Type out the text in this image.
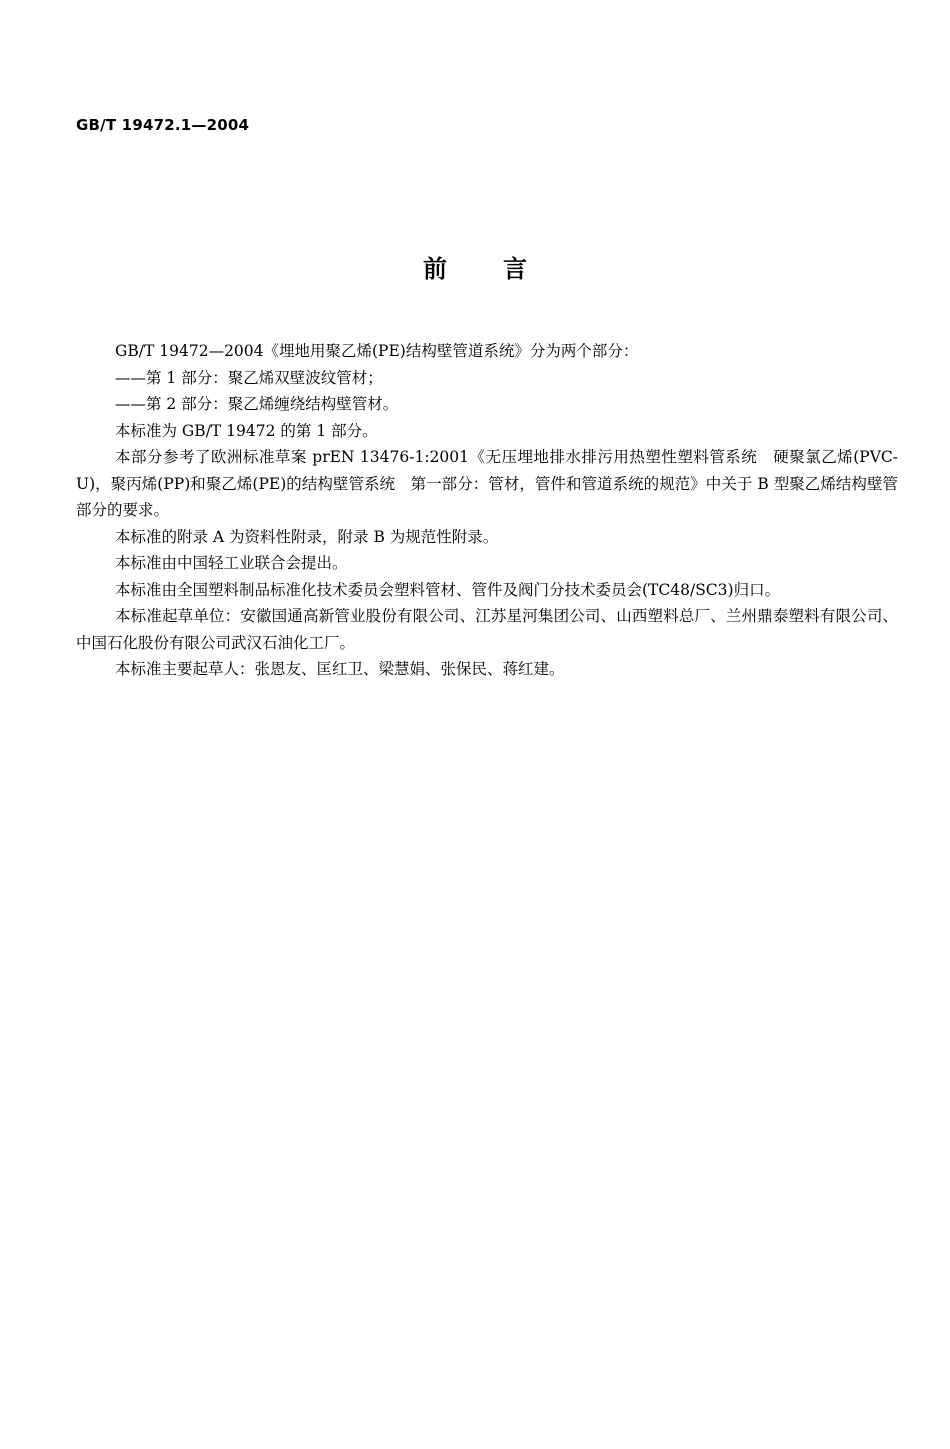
GB/T 19472.1—2004
前言

GB/T 19472—2004《埋地用聚乙烯(PE)结构壁管道系统》分为两个部分：

——第 1 部分：聚乙烯双壁波纹管材；

——第 2 部分：聚乙烯缠绕结构壁管材。

本标准为 GB/T 19472 的第 1 部分。

本部分参考了欧洲标准草案 prEN 13476-1:2001《无压埋地排水排污用热塑性塑料管系统　硬聚氯乙烯(PVC-U)，聚丙烯(PP)和聚乙烯(PE)的结构壁管系统　第一部分：管材，管件和管道系统的规范》中关于 B 型聚乙烯结构壁管部分的要求。

本标准的附录 A 为资料性附录，附录 B 为规范性附录。

本标准由中国轻工业联合会提出。

本标准由全国塑料制品标准化技术委员会塑料管材、管件及阀门分技术委员会(TC48/SC3)归口。

本标准起草单位：安徽国通高新管业股份有限公司、江苏星河集团公司、山西塑料总厂、兰州鼎泰塑料有限公司、中国石化股份有限公司武汉石油化工厂。

本标准主要起草人：张恩友、匡红卫、梁慧娟、张保民、蒋红建。
